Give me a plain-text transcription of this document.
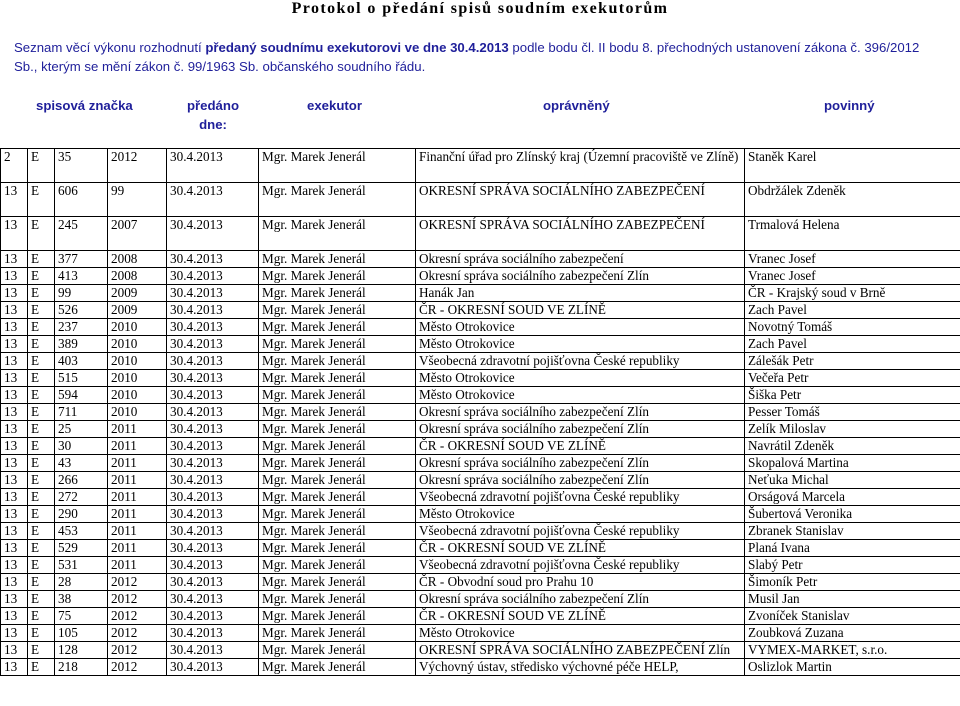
Protokol o předání spisů soudním exekutorům
Seznam věcí výkonu rozhodnutí předaný soudnímu exekutorovi ve dne 30.4.2013 podle bodu čl. II bodu 8. přechodných ustanovení zákona č. 396/2012 Sb., kterým se mění zákon č. 99/1963 Sb. občanského soudního řádu.
spisová značka	předáno
dne:
exekutor	oprávněný	povinný
2	E	35	2012	30.4.2013	Mgr. Marek Jenerál	Finanční úřad pro Zlínský kraj (Územní pracoviště ve Zlíně)	Staněk Karel
13	E	606	99	30.4.2013	Mgr. Marek Jenerál	OKRESNÍ SPRÁVA SOCIÁLNÍHO ZABEZPEČENÍ	Obdržálek Zdeněk
13	E	245	2007	30.4.2013	Mgr. Marek Jenerál	OKRESNÍ SPRÁVA SOCIÁLNÍHO ZABEZPEČENÍ	Trmalová Helena
13	E	377	2008	30.4.2013	Mgr. Marek Jenerál	Okresní správa sociálního zabezpečení	Vranec Josef
13	E	413	2008	30.4.2013	Mgr. Marek Jenerál	Okresní správa sociálního zabezpečení Zlín	Vranec Josef
13	E	99	2009	30.4.2013	Mgr. Marek Jenerál	Hanák Jan	ČR - Krajský soud v Brně
13	E	526	2009	30.4.2013	Mgr. Marek Jenerál	ČR - OKRESNÍ SOUD VE ZLÍNĚ	Zach Pavel
13	E	237	2010	30.4.2013	Mgr. Marek Jenerál	Město Otrokovice	Novotný Tomáš
13	E	389	2010	30.4.2013	Mgr. Marek Jenerál	Město Otrokovice	Zach Pavel
13	E	403	2010	30.4.2013	Mgr. Marek Jenerál	Všeobecná zdravotní pojišťovna České republiky	Zálešák Petr
13	E	515	2010	30.4.2013	Mgr. Marek Jenerál	Město Otrokovice	Večeřa Petr
13	E	594	2010	30.4.2013	Mgr. Marek Jenerál	Město Otrokovice	Šiška Petr
13	E	711	2010	30.4.2013	Mgr. Marek Jenerál	Okresní správa sociálního zabezpečení Zlín	Pesser Tomáš
13	E	25	2011	30.4.2013	Mgr. Marek Jenerál	Okresní správa sociálního zabezpečení Zlín	Zelík Miloslav
13	E	30	2011	30.4.2013	Mgr. Marek Jenerál	ČR - OKRESNÍ SOUD VE ZLÍNĚ	Navrátil Zdeněk
13	E	43	2011	30.4.2013	Mgr. Marek Jenerál	Okresní správa sociálního zabezpečení Zlín	Skopalová Martina
13	E	266	2011	30.4.2013	Mgr. Marek Jenerál	Okresní správa sociálního zabezpečení Zlín	Neťuka Michal
13	E	272	2011	30.4.2013	Mgr. Marek Jenerál	Všeobecná zdravotní pojišťovna České republiky	Orságová Marcela
13	E	290	2011	30.4.2013	Mgr. Marek Jenerál	Město Otrokovice	Šubertová Veronika
13	E	453	2011	30.4.2013	Mgr. Marek Jenerál	Všeobecná zdravotní pojišťovna České republiky	Zbranek Stanislav
13	E	529	2011	30.4.2013	Mgr. Marek Jenerál	ČR - OKRESNÍ SOUD VE ZLÍNĚ	Planá Ivana
13	E	531	2011	30.4.2013	Mgr. Marek Jenerál	Všeobecná zdravotní pojišťovna České republiky	Slabý Petr
13	E	28	2012	30.4.2013	Mgr. Marek Jenerál	ČR - Obvodní soud pro Prahu 10	Šimoník Petr
13	E	38	2012	30.4.2013	Mgr. Marek Jenerál	Okresní správa sociálního zabezpečení Zlín	Musil Jan
13	E	75	2012	30.4.2013	Mgr. Marek Jenerál	ČR - OKRESNÍ SOUD VE ZLÍNĚ	Zvoníček Stanislav
13	E	105	2012	30.4.2013	Mgr. Marek Jenerál	Město Otrokovice	Zoubková Zuzana
13	E	128	2012	30.4.2013	Mgr. Marek Jenerál	OKRESNÍ SPRÁVA SOCIÁLNÍHO ZABEZPEČENÍ Zlín	VYMEX-MARKET, s.r.o.
13	E	218	2012	30.4.2013	Mgr. Marek Jenerál	Výchovný ústav, středisko výchovné péče HELP,	Oslizlok Martin
